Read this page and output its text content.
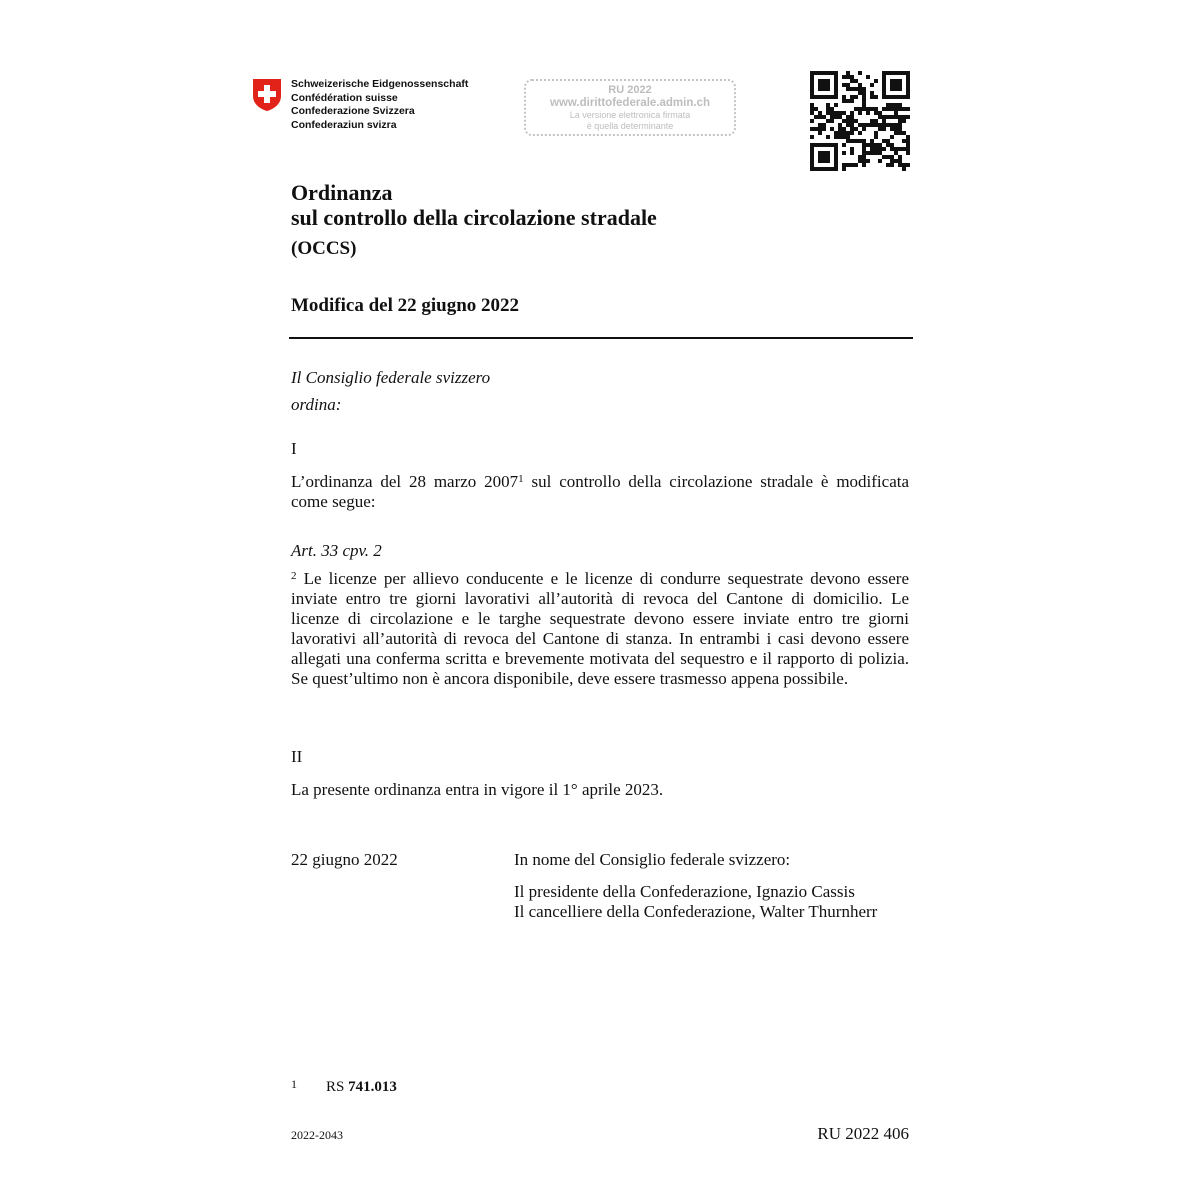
Schweizerische Eidgenossenschaft
Confédération suisse
Confederazione Svizzera
Confederaziun svizra
RU 2022
www.dirittofederale.admin.ch
La versione elettronica firmata
è quella determinante
Ordinanza
sul controllo della circolazione stradale
(OCCS)
Modifica del 22 giugno 2022
Il Consiglio federale svizzero
ordina:
I
L’ordinanza del 28 marzo 2007$^1$ sul controllo della circolazione stradale è modificata come segue:
Art. 33 cpv. 2
$^2$ Le licenze per allievo conducente e le licenze di condurre sequestrate devono essere inviate entro tre giorni lavorativi all’autorità di revoca del Cantone di domicilio. Le licenze di circolazione e le targhe sequestrate devono essere inviate entro tre giorni lavorativi all’autorità di revoca del Cantone di stanza. In entrambi i casi devono essere allegati una conferma scritta e brevemente motivata del sequestro e il rapporto di polizia. Se quest’ultimo non è ancora disponibile, deve essere trasmesso appena possibile.
II
La presente ordinanza entra in vigore il 1° aprile 2023.
22 giugno 2022	In nome del Consiglio federale svizzero:
Il presidente della Confederazione, Ignazio Cassis
Il cancelliere della Confederazione, Walter Thurnherr
1 RS 741.013
2022-2043	RU 2022 406
